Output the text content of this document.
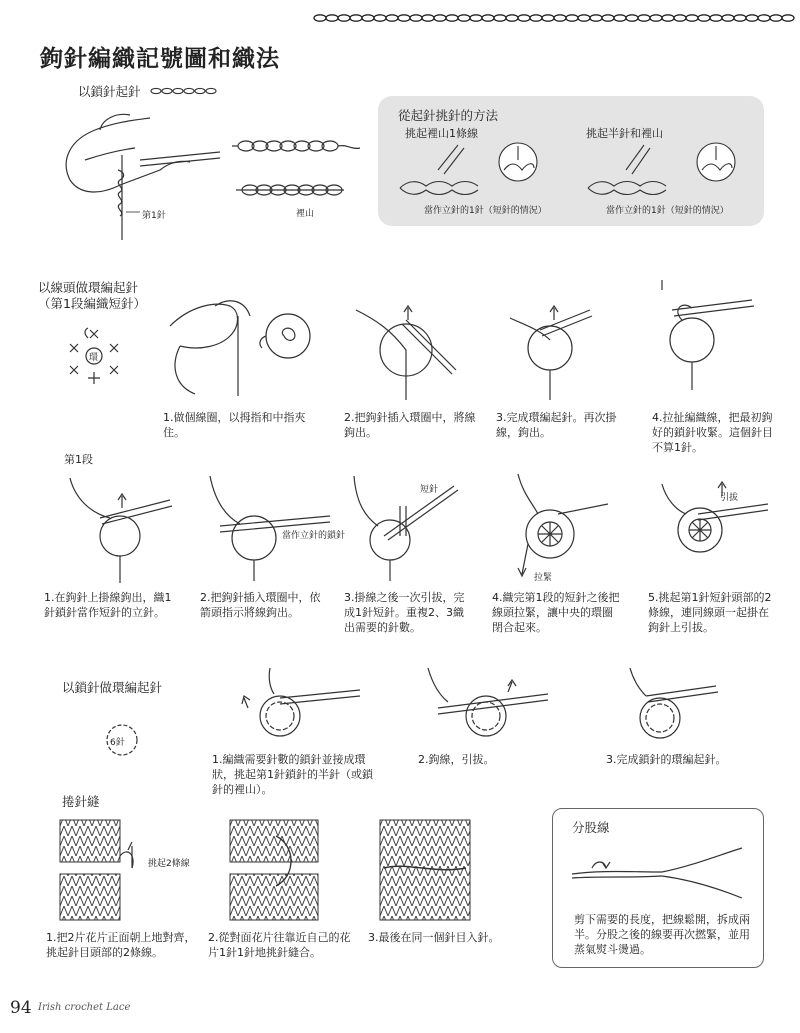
鉤針編織記號圖和織法
以鎖針起針
第1針	裡山
從起針挑針的方法
挑起裡山1條線	挑起半針和裡山
當作立針的1針（短針的情況）	當作立針的1針（短針的情況）
以線頭做環編起針
（第1段編織短針）
環
1.做個線圈，以拇指和中指夾住。
2.把鉤針插入環圈中，將線鉤出。
3.完成環編起針。再次掛線，鉤出。
4.拉扯編織線，把最初鉤好的鎖針收緊。這個針目不算1針。
第1段
當作立針的鎖針
短針
拉緊
引拔
1.在鉤針上掛線鉤出，織1針鎖針當作短針的立針。
2.把鉤針插入環圈中，依箭頭指示將線鉤出。
3.掛線之後一次引拔，完成1針短針。重複2、3織出需要的針數。
4.織完第1段的短針之後把線頭拉緊，讓中央的環圈閉合起來。
5.挑起第1針短針頭部的2條線，連同線頭一起掛在鉤針上引拔。
以鎖針做環編起針
6針
1.編織需要針數的鎖針並接成環狀，挑起第1針鎖針的半針（或鎖針的裡山）。
2.鉤線，引拔。	3.完成鎖針的環編起針。
捲針縫
挑起2條線
1.把2片花片正面朝上地對齊，挑起針目頭部的2條線。
2.從對面花片往靠近自己的花片1針1針地挑針縫合。
3.最後在同一個針目入針。
分股線
剪下需要的長度，把線鬆開，拆成兩半。分股之後的線要再次撚緊，並用蒸氣熨斗燙過。
94 Irish crochet Lace
